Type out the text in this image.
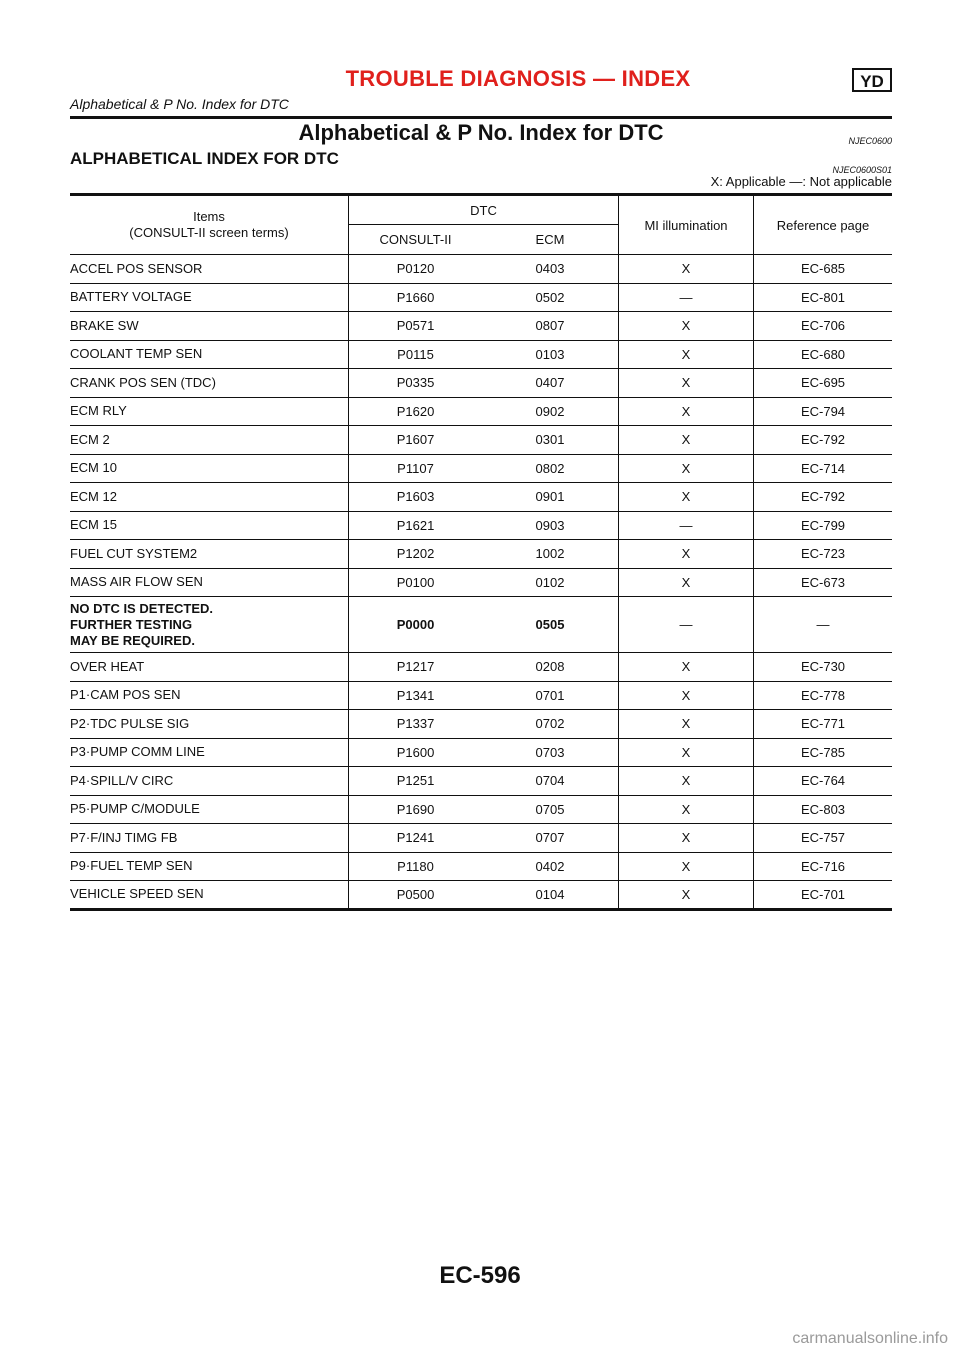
TROUBLE DIAGNOSIS — INDEX	YD
Alphabetical & P No. Index for DTC
Alphabetical & P No. Index for DTC	NJEC0600
ALPHABETICAL INDEX FOR DTC
NJEC0600S01
X: Applicable —: Not applicable
Items
(CONSULT-II screen terms)	DTC		MI illumination	Reference page
	CONSULT-II	ECM		
ACCEL POS SENSOR	P0120	0403	X	EC-685
BATTERY VOLTAGE	P1660	0502	—	EC-801
BRAKE SW	P0571	0807	X	EC-706
COOLANT TEMP SEN	P0115	0103	X	EC-680
CRANK POS SEN (TDC)	P0335	0407	X	EC-695
ECM RLY	P1620	0902	X	EC-794
ECM 2	P1607	0301	X	EC-792
ECM 10	P1107	0802	X	EC-714
ECM 12	P1603	0901	X	EC-792
ECM 15	P1621	0903	—	EC-799
FUEL CUT SYSTEM2	P1202	1002	X	EC-723
MASS AIR FLOW SEN	P0100	0102	X	EC-673
NO DTC IS DETECTED.
FURTHER TESTING
MAY BE REQUIRED.	P0000	0505	—	—
OVER HEAT	P1217	0208	X	EC-730
P1·CAM POS SEN	P1341	0701	X	EC-778
P2·TDC PULSE SIG	P1337	0702	X	EC-771
P3·PUMP COMM LINE	P1600	0703	X	EC-785
P4·SPILL/V CIRC	P1251	0704	X	EC-764
P5·PUMP C/MODULE	P1690	0705	X	EC-803
P7·F/INJ TIMG FB	P1241	0707	X	EC-757
P9·FUEL TEMP SEN	P1180	0402	X	EC-716
VEHICLE SPEED SEN	P0500	0104	X	EC-701
EC-596
carmanualsonline.info
